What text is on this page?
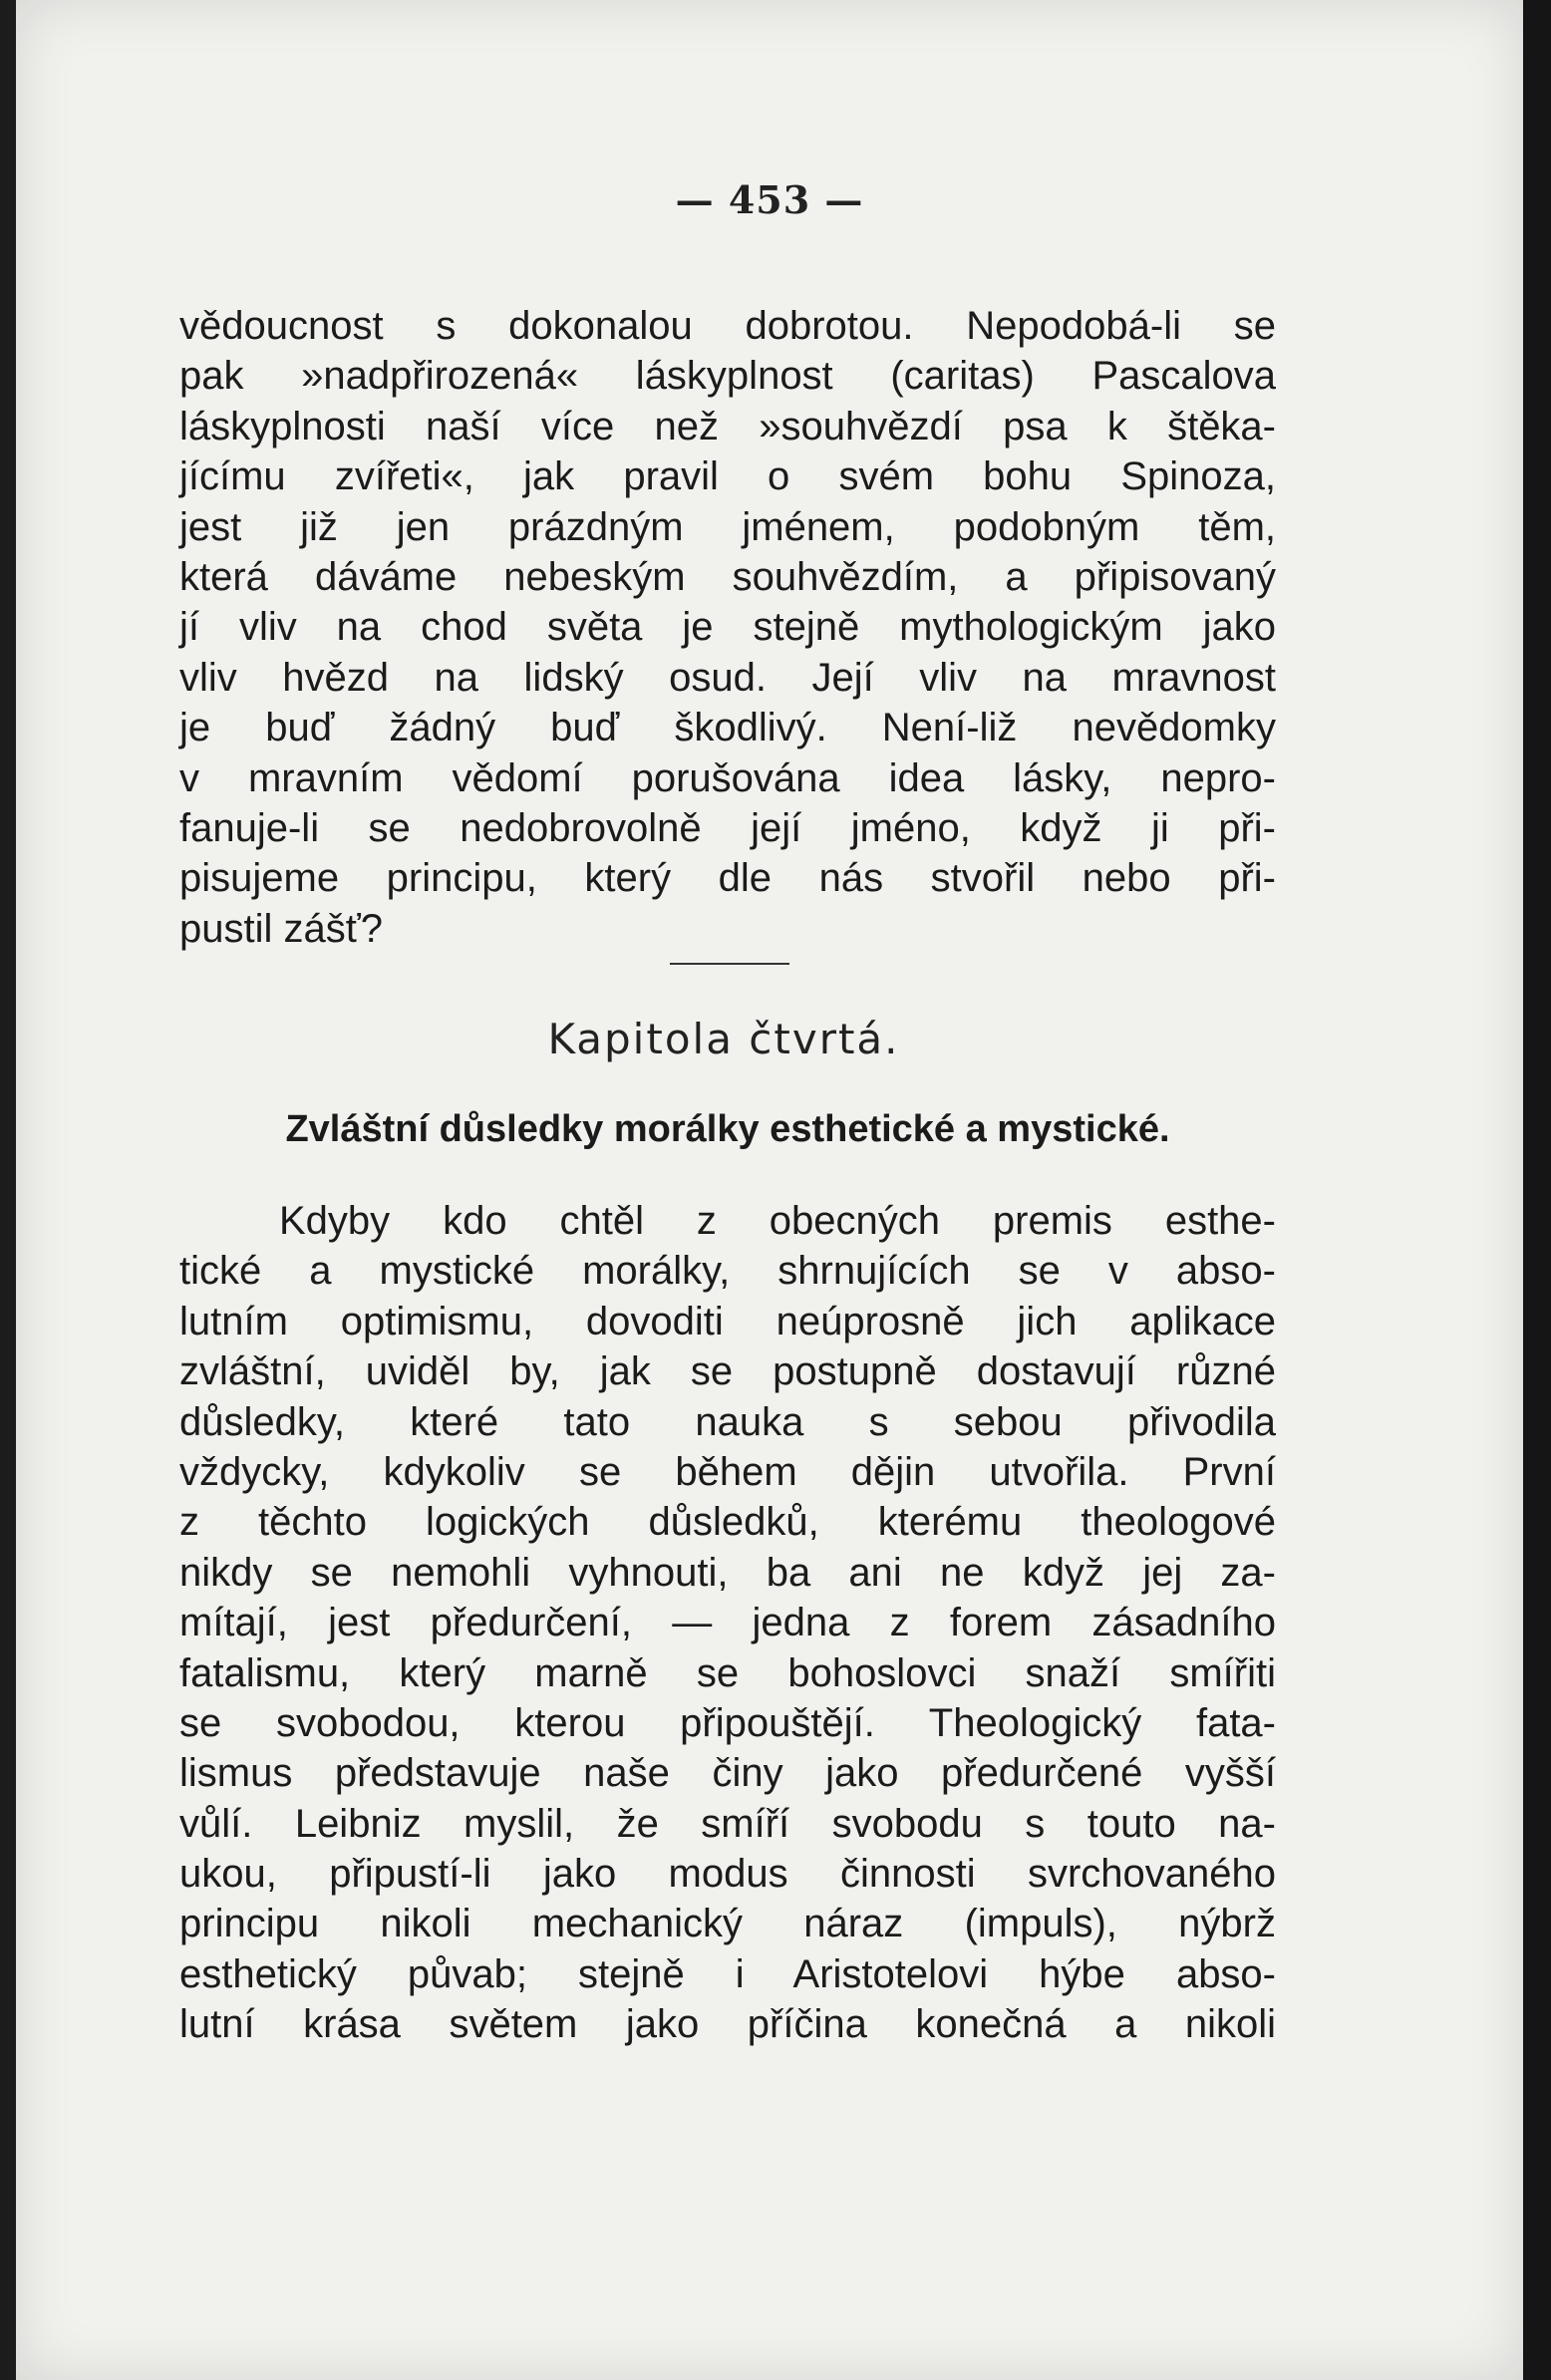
— 453 —
vědoucnost s dokonalou dobrotou. Nepodobá-li se
pak »nadpřirozená« láskyplnost (caritas) Pascalova
láskyplnosti naší více než »souhvězdí psa k štěka-
jícímu zvířeti«, jak pravil o svém bohu Spinoza,
jest již jen prázdným jménem, podobným těm,
která dáváme nebeským souhvězdím, a připisovaný
jí vliv na chod světa je stejně mythologickým jako
vliv hvězd na lidský osud. Její vliv na mravnost
je buď žádný buď škodlivý. Není-liž nevědomky
v mravním vědomí porušována idea lásky, nepro-
fanuje-li se nedobrovolně její jméno, když ji při-
pisujeme principu, který dle nás stvořil nebo při-
pustil zášť?
Kapitola čtvrtá.
Zvláštní důsledky morálky esthetické a mystické.
Kdyby kdo chtěl z obecných premis esthe-
tické a mystické morálky, shrnujících se v abso-
lutním optimismu, dovoditi neúprosně jich aplikace
zvláštní, uviděl by, jak se postupně dostavují různé
důsledky, které tato nauka s sebou přivodila
vždycky, kdykoliv se během dějin utvořila. První
z těchto logických důsledků, kterému theologové
nikdy se nemohli vyhnouti, ba ani ne když jej za-
mítají, jest předurčení, — jedna z forem zásadního
fatalismu, který marně se bohoslovci snaží smířiti
se svobodou, kterou připouštějí. Theologický fata-
lismus představuje naše činy jako předurčené vyšší
vůlí. Leibniz myslil, že smíří svobodu s touto na-
ukou, připustí-li jako modus činnosti svrchovaného
principu nikoli mechanický náraz (impuls), nýbrž
esthetický půvab; stejně i Aristotelovi hýbe abso-
lutní krása světem jako příčina konečná a nikoli
